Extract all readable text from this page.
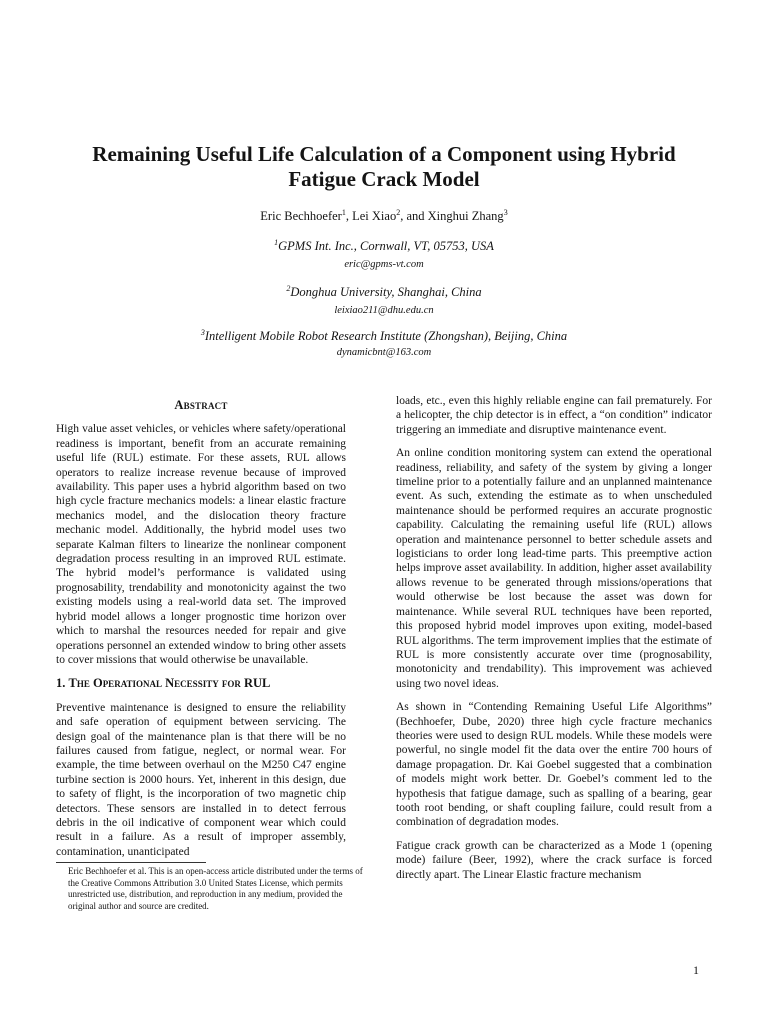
Remaining Useful Life Calculation of a Component using Hybrid
Fatigue Crack Model
Eric Bechhoefer$^1$, Lei Xiao$^2$, and Xinghui Zhang$^3$
$^1$GPMS Int. Inc., Cornwall, VT, 05753, USA
eric@gpms-vt.com
$^2$Donghua University, Shanghai, China
leixiao211@dhu.edu.cn
$^3$Intelligent Mobile Robot Research Institute (Zhongshan), Beijing, China
dynamicbnt@163.com
Abstract

High value asset vehicles, or vehicles where safety/operational readiness is important, benefit from an accurate remaining useful life (RUL) estimate. For these assets, RUL allows operators to realize increase revenue because of improved availability. This paper uses a hybrid algorithm based on two high cycle fracture mechanics models: a linear elastic fracture mechanics model, and the dislocation theory fracture mechanic model. Additionally, the hybrid model uses two separate Kalman filters to linearize the nonlinear component degradation process resulting in an improved RUL estimate. The hybrid model’s performance is validated using prognosability, trendability and monotonicity against the two existing models using a real-world data set. The improved hybrid model allows a longer prognostic time horizon over which to marshal the resources needed for repair and give operations personnel an extended window to bring other assets to cover missions that would otherwise be unavailable.

1. The Operational Necessity for RUL

Preventive maintenance is designed to ensure the reliability and safe operation of equipment between servicing. The design goal of the maintenance plan is that there will be no failures caused from fatigue, neglect, or normal wear. For example, the time between overhaul on the M250 C47 engine turbine section is 2000 hours. Yet, inherent in this design, due to safety of flight, is the incorporation of two magnetic chip detectors. These sensors are installed in to detect ferrous debris in the oil indicative of component wear which could result in a failure. As a result of improper assembly, contamination, unanticipated

Eric Bechhoefer et al. This is an open-access article distributed under the terms of the Creative Commons Attribution 3.0 United States License, which permits unrestricted use, distribution, and reproduction in any medium, provided the original author and source are credited.

loads, etc., even this highly reliable engine can fail prematurely. For a helicopter, the chip detector is in effect, a “on condition” indicator triggering an immediate and disruptive maintenance event.

An online condition monitoring system can extend the operational readiness, reliability, and safety of the system by giving a longer timeline prior to a potentially failure and an unplanned maintenance event. As such, extending the estimate as to when unscheduled maintenance should be performed requires an accurate prognostic capability. Calculating the remaining useful life (RUL) allows operation and maintenance personnel to better schedule assets and logisticians to order long lead-time parts. This preemptive action helps improve asset availability. In addition, higher asset availability allows revenue to be generated through missions/operations that would otherwise be lost because the asset was down for maintenance. While several RUL techniques have been reported, this proposed hybrid model improves upon exiting, model-based RUL algorithms. The term improvement implies that the estimate of RUL is more consistently accurate over time (prognosability, monotonicity and trendability). This improvement was achieved using two novel ideas.

As shown in “Contending Remaining Useful Life Algorithms” (Bechhoefer, Dube, 2020) three high cycle fracture mechanics theories were used to design RUL models. While these models were powerful, no single model fit the data over the entire 700 hours of damage propagation. Dr. Kai Goebel suggested that a combination of models might work better. Dr. Goebel’s comment led to the hypothesis that fatigue damage, such as spalling of a bearing, gear tooth root bending, or shaft coupling failure, could result from a combination of degradation modes.

Fatigue crack growth can be characterized as a Mode 1 (opening mode) failure (Beer, 1992), where the crack surface is forced directly apart. The Linear Elastic fracture mechanism

1
